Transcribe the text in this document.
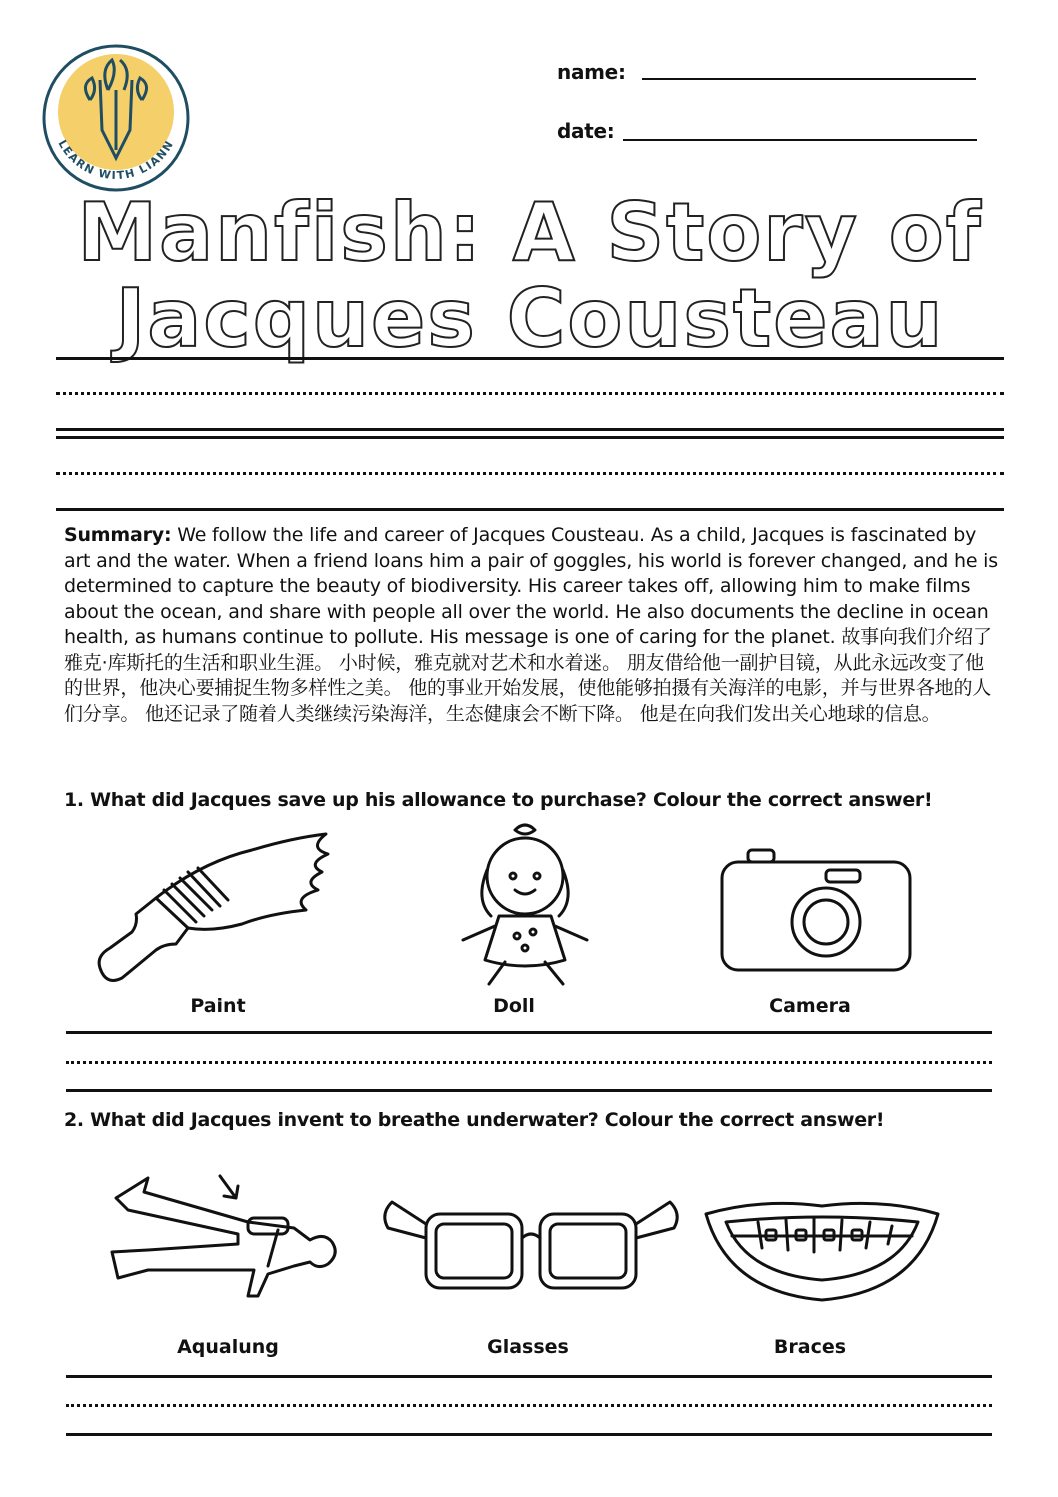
LEARN WITH LIANN
name:
date:
Manfish: A Story of
Jacques Cousteau
Summary: We follow the life and career of Jacques Cousteau. As a child, Jacques is fascinated by art and the water. When a friend loans him a pair of goggles, his world is forever changed, and he is determined to capture the beauty of biodiversity. His career takes off, allowing him to make films about the ocean, and share with people all over the world. He also documents the decline in ocean health, as humans continue to pollute. His message is one of caring for the planet. 故事向我们介绍了雅克·库斯托的生活和职业生涯。 小时候，雅克就对艺术和水着迷。 朋友借给他一副护目镜，从此永远改变了他的世界，他决心要捕捉生物多样性之美。 他的事业开始发展，使他能够拍摄有关海洋的电影，并与世界各地的人们分享。 他还记录了随着人类继续污染海洋，生态健康会不断下降。 他是在向我们发出关心地球的信息。
1. What did Jacques save up his allowance to purchase? Colour the correct answer!
Paint	Doll	Camera
2. What did Jacques invent to breathe underwater? Colour the correct answer!
Aqualung	Glasses	Braces
